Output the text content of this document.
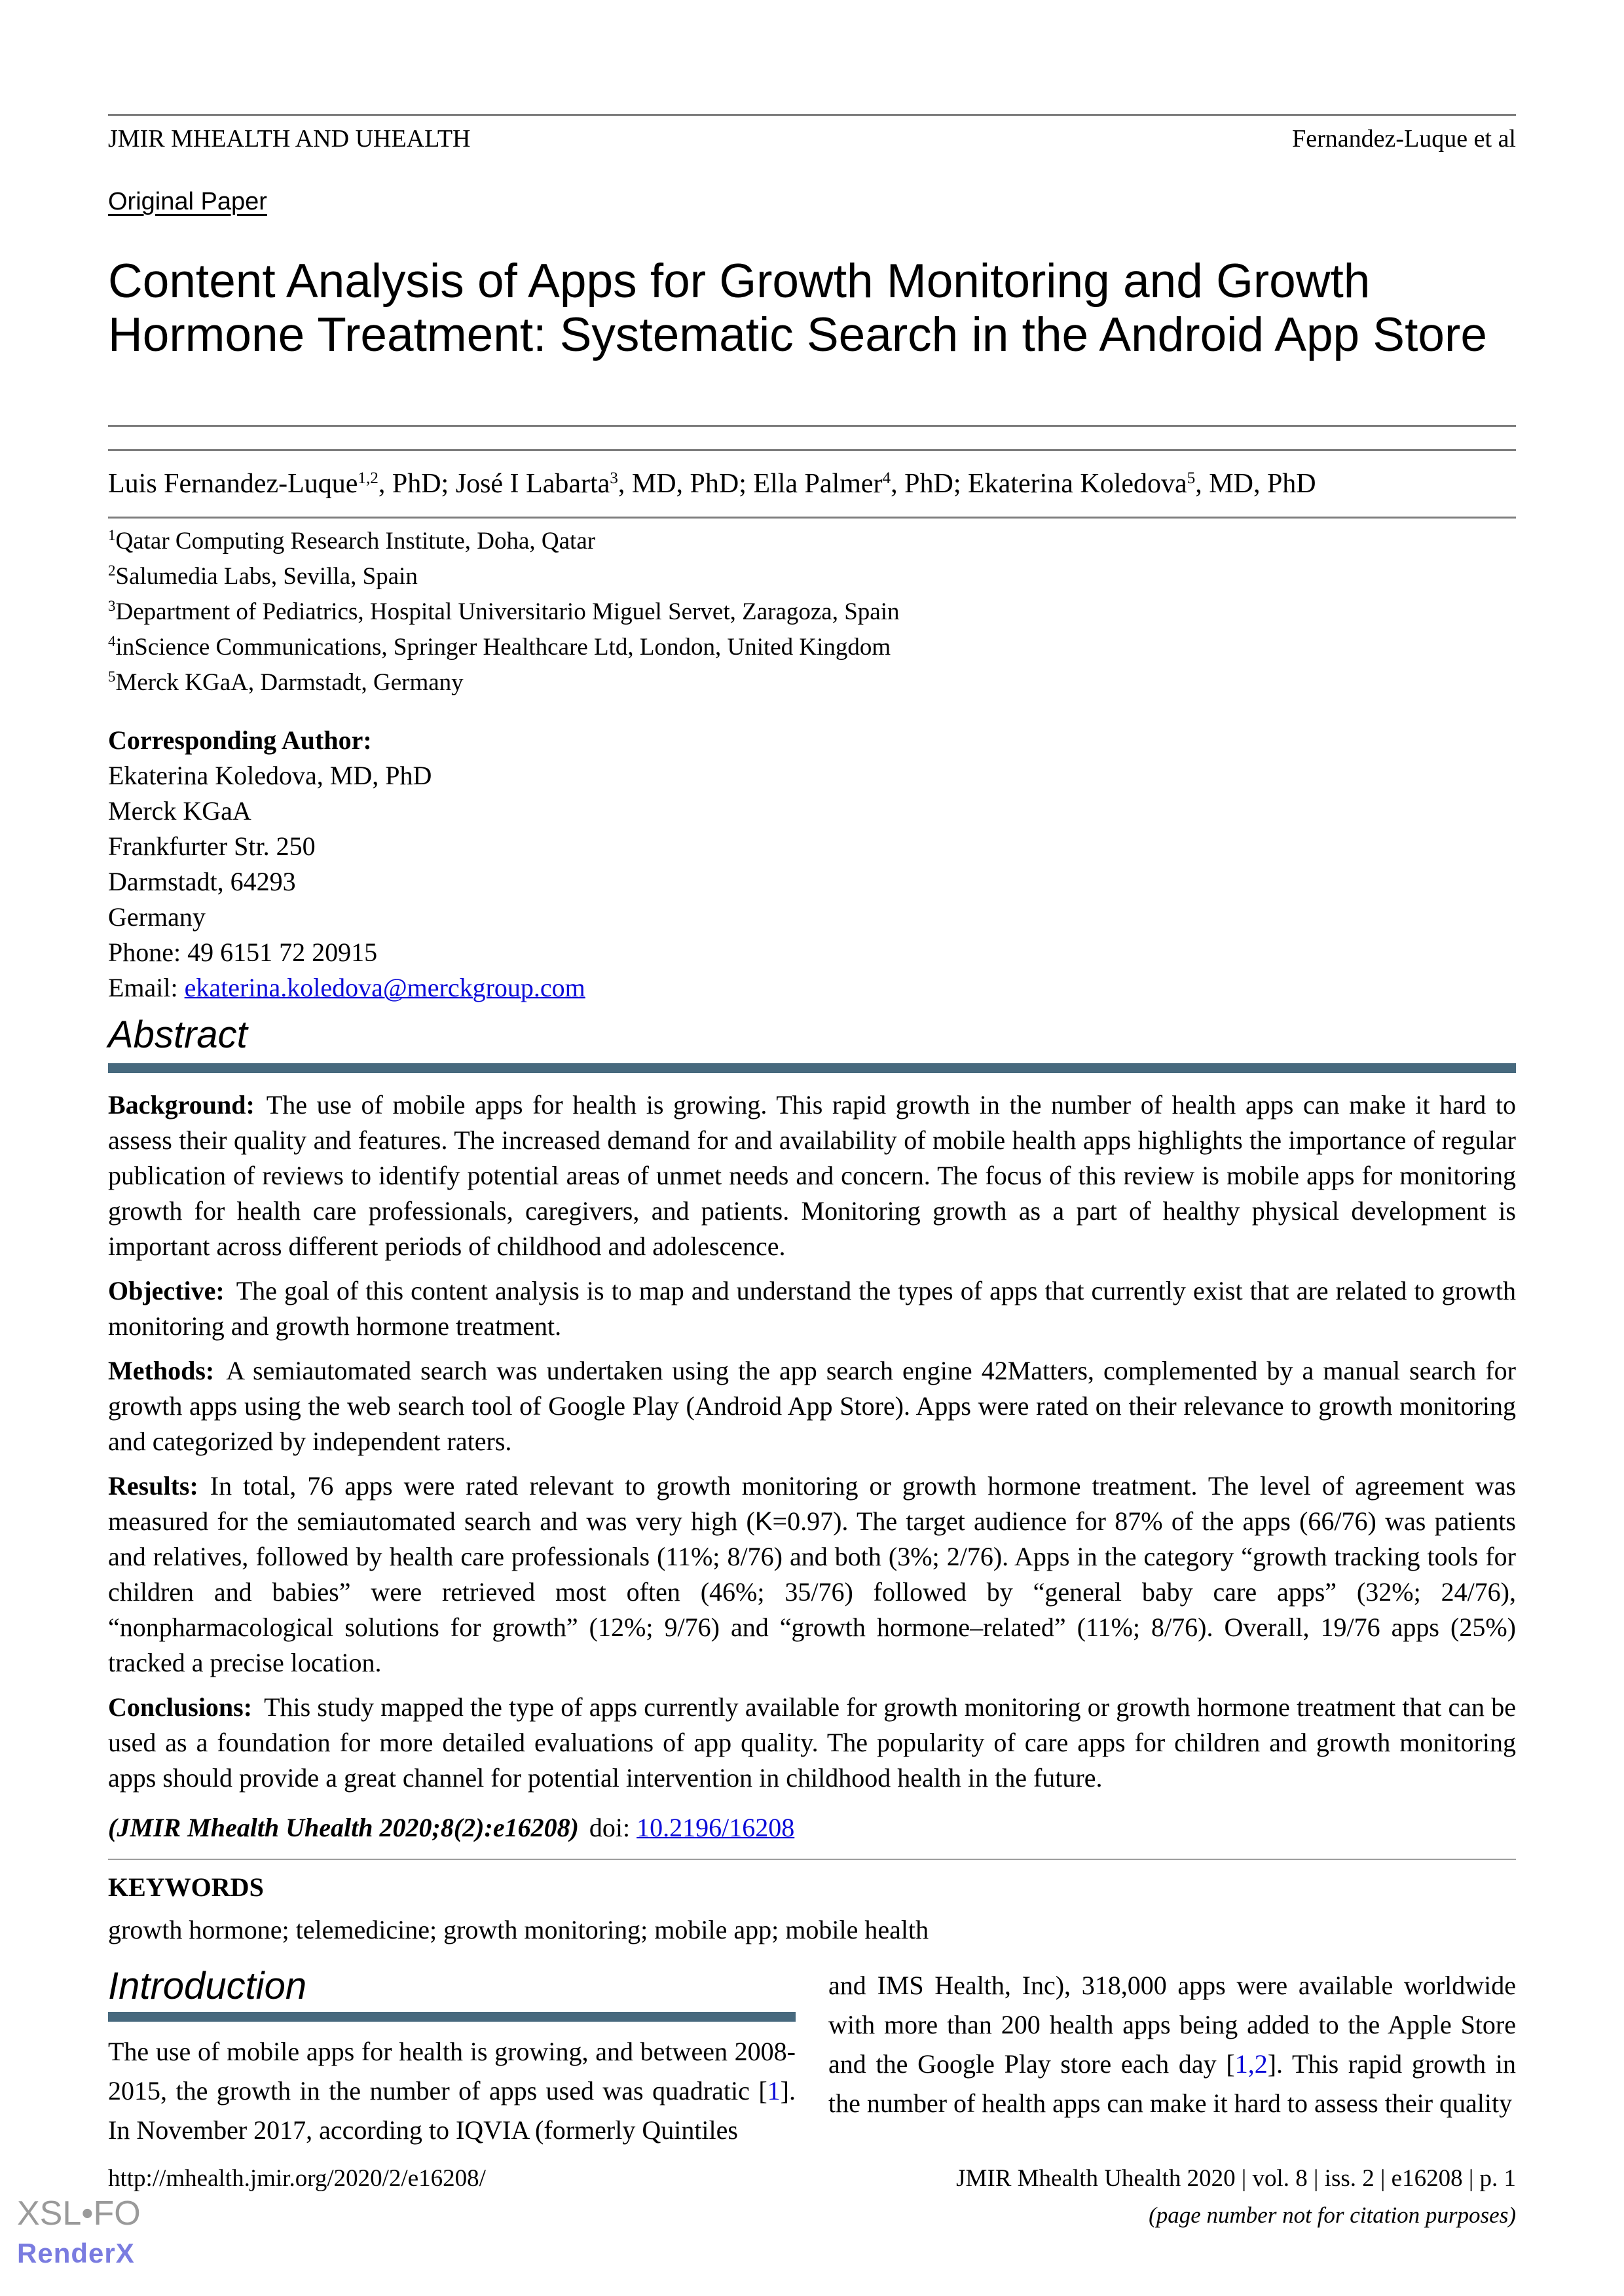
JMIR MHEALTH AND UHEALTH	Fernandez-Luque et al
Original Paper
Content Analysis of Apps for Growth Monitoring and Growth Hormone Treatment: Systematic Search in the Android App Store
Luis Fernandez-Luque$^{1,2}$, PhD; José I Labarta$^3$, MD, PhD; Ella Palmer$^4$, PhD; Ekaterina Koledova$^5$, MD, PhD
$^1$Qatar Computing Research Institute, Doha, Qatar
$^2$Salumedia Labs, Sevilla, Spain
$^3$Department of Pediatrics, Hospital Universitario Miguel Servet, Zaragoza, Spain
$^4$inScience Communications, Springer Healthcare Ltd, London, United Kingdom
$^5$Merck KGaA, Darmstadt, Germany
Corresponding Author:
Ekaterina Koledova, MD, PhD
Merck KGaA
Frankfurter Str. 250
Darmstadt, 64293
Germany
Phone: 49 6151 72 20915
Email: ekaterina.koledova@merckgroup.com
Abstract

Background: The use of mobile apps for health is growing. This rapid growth in the number of health apps can make it hard to assess their quality and features. The increased demand for and availability of mobile health apps highlights the importance of regular publication of reviews to identify potential areas of unmet needs and concern. The focus of this review is mobile apps for monitoring growth for health care professionals, caregivers, and patients. Monitoring growth as a part of healthy physical development is important across different periods of childhood and adolescence.

Objective: The goal of this content analysis is to map and understand the types of apps that currently exist that are related to growth monitoring and growth hormone treatment.

Methods: A semiautomated search was undertaken using the app search engine 42Matters, complemented by a manual search for growth apps using the web search tool of Google Play (Android App Store). Apps were rated on their relevance to growth monitoring and categorized by independent raters.

Results: In total, 76 apps were rated relevant to growth monitoring or growth hormone treatment. The level of agreement was measured for the semiautomated search and was very high (K=0.97). The target audience for 87% of the apps (66/76) was patients and relatives, followed by health care professionals (11%; 8/76) and both (3%; 2/76). Apps in the category “growth tracking tools for children and babies” were retrieved most often (46%; 35/76) followed by “general baby care apps” (32%; 24/76), “nonpharmacological solutions for growth” (12%; 9/76) and “growth hormone–related” (11%; 8/76). Overall, 19/76 apps (25%) tracked a precise location.

Conclusions: This study mapped the type of apps currently available for growth monitoring or growth hormone treatment that can be used as a foundation for more detailed evaluations of app quality. The popularity of care apps for children and growth monitoring apps should provide a great channel for potential intervention in childhood health in the future.

(JMIR Mhealth Uhealth 2020;8(2):e16208) doi: 10.2196/16208
KEYWORDS
growth hormone; telemedicine; growth monitoring; mobile app; mobile health
Introduction

The use of mobile apps for health is growing, and between 2008-2015, the growth in the number of apps used was quadratic [1]. In November 2017, according to IQVIA (formerly Quintiles

and IMS Health, Inc), 318,000 apps were available worldwide with more than 200 health apps being added to the Apple Store and the Google Play store each day [1,2]. This rapid growth in the number of health apps can make it hard to assess their quality

http://mhealth.jmir.org/2020/2/e16208/	JMIR Mhealth Uhealth 2020 | vol. 8 | iss. 2 | e16208 | p. 1
(page number not for citation purposes)
XSL•FO
RenderX
